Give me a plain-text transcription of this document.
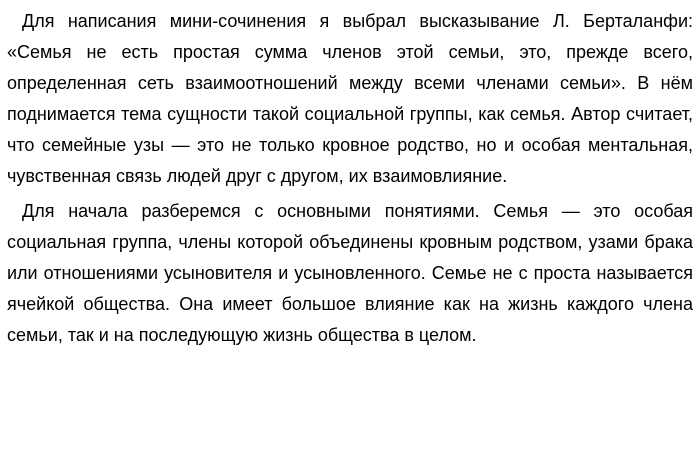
Для написания мини-сочинения я выбрал высказывание Л. Берталанфи: «Семья не есть простая сумма членов этой семьи, это, прежде всего, определенная сеть взаимоотношений между всеми членами семьи». В нём поднимается тема сущности такой социальной группы, как семья. Автор считает, что семейные узы — это не только кровное родство, но и особая ментальная, чувственная связь людей друг с другом, их взаимовлияние.

Для начала разберемся с основными понятиями. Семья — это особая социальная группа, члены которой объединены кровным родством, узами брака или отношениями усыновителя и усыновленного. Семье не с проста называется ячейкой общества. Она имеет большое влияние как на жизнь каждого члена семьи, так и на последующую жизнь общества в целом.
